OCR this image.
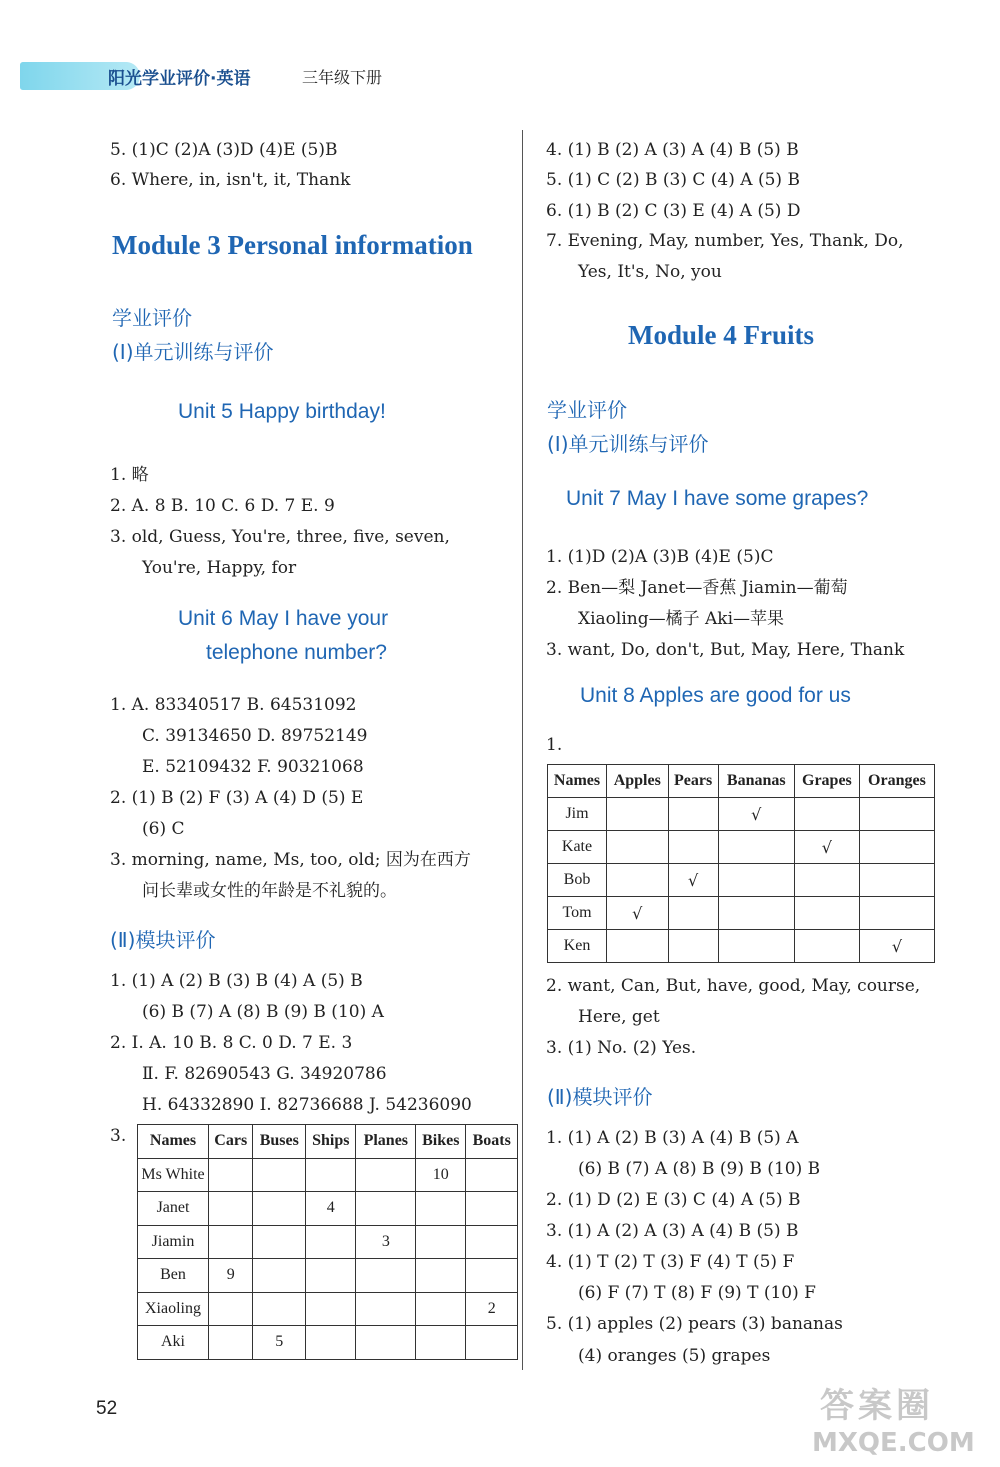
阳光学业评价·英语	三年级下册
5. (1)C (2)A (3)D (4)E (5)B
6. Where, in, isn't, it, Thank
Module 3 Personal information
学业评价
(Ⅰ)单元训练与评价
Unit 5 Happy birthday!
1. 略
2. A. 8 B. 10 C. 6 D. 7 E. 9
3. old, Guess, You're, three, five, seven,
You're, Happy, for
Unit 6 May I have your
telephone number?
1. A. 83340517 B. 64531092
C. 39134650 D. 89752149
E. 52109432 F. 90321068
2. (1) B (2) F (3) A (4) D (5) E
(6) C
3. morning, name, Ms, too, old; 因为在西方
问长辈或女性的年龄是不礼貌的。
(Ⅱ)模块评价
1. (1) A (2) B (3) B (4) A (5) B
(6) B (7) A (8) B (9) B (10) A
2. Ⅰ. A. 10 B. 8 C. 0 D. 7 E. 3
Ⅱ. F. 82690543 G. 34920786
H. 64332890 I. 82736688 J. 54236090
3. Names	Cars	Buses	Ships	Planes	Bikes	Boats
Ms White					10	
Janet			4			
Jiamin				3		
Ben	9					
Xiaoling						2
Aki		5				
4. (1) B (2) A (3) A (4) B (5) B
5. (1) C (2) B (3) C (4) A (5) B
6. (1) B (2) C (3) E (4) A (5) D
7. Evening, May, number, Yes, Thank, Do,
Yes, It's, No, you
Module 4 Fruits
学业评价
(Ⅰ)单元训练与评价
Unit 7 May I have some grapes?
1. (1)D (2)A (3)B (4)E (5)C
2. Ben—梨 Janet—香蕉 Jiamin—葡萄
Xiaoling—橘子 Aki—苹果
3. want, Do, don't, But, May, Here, Thank
Unit 8 Apples are good for us
1.
Names	Apples	Pears	Bananas	Grapes	Oranges
Jim			√		
Kate				√	
Bob		√			
Tom	√				
Ken					√
2. want, Can, But, have, good, May, course,
Here, get
3. (1) No. (2) Yes.
(Ⅱ)模块评价
1. (1) A (2) B (3) A (4) B (5) A
(6) B (7) A (8) B (9) B (10) B
2. (1) D (2) E (3) C (4) A (5) B
3. (1) A (2) A (3) A (4) B (5) B
4. (1) T (2) T (3) F (4) T (5) F
(6) F (7) T (8) F (9) T (10) F
5. (1) apples (2) pears (3) bananas
(4) oranges (5) grapes
52	答案圈
MXQE.COM
